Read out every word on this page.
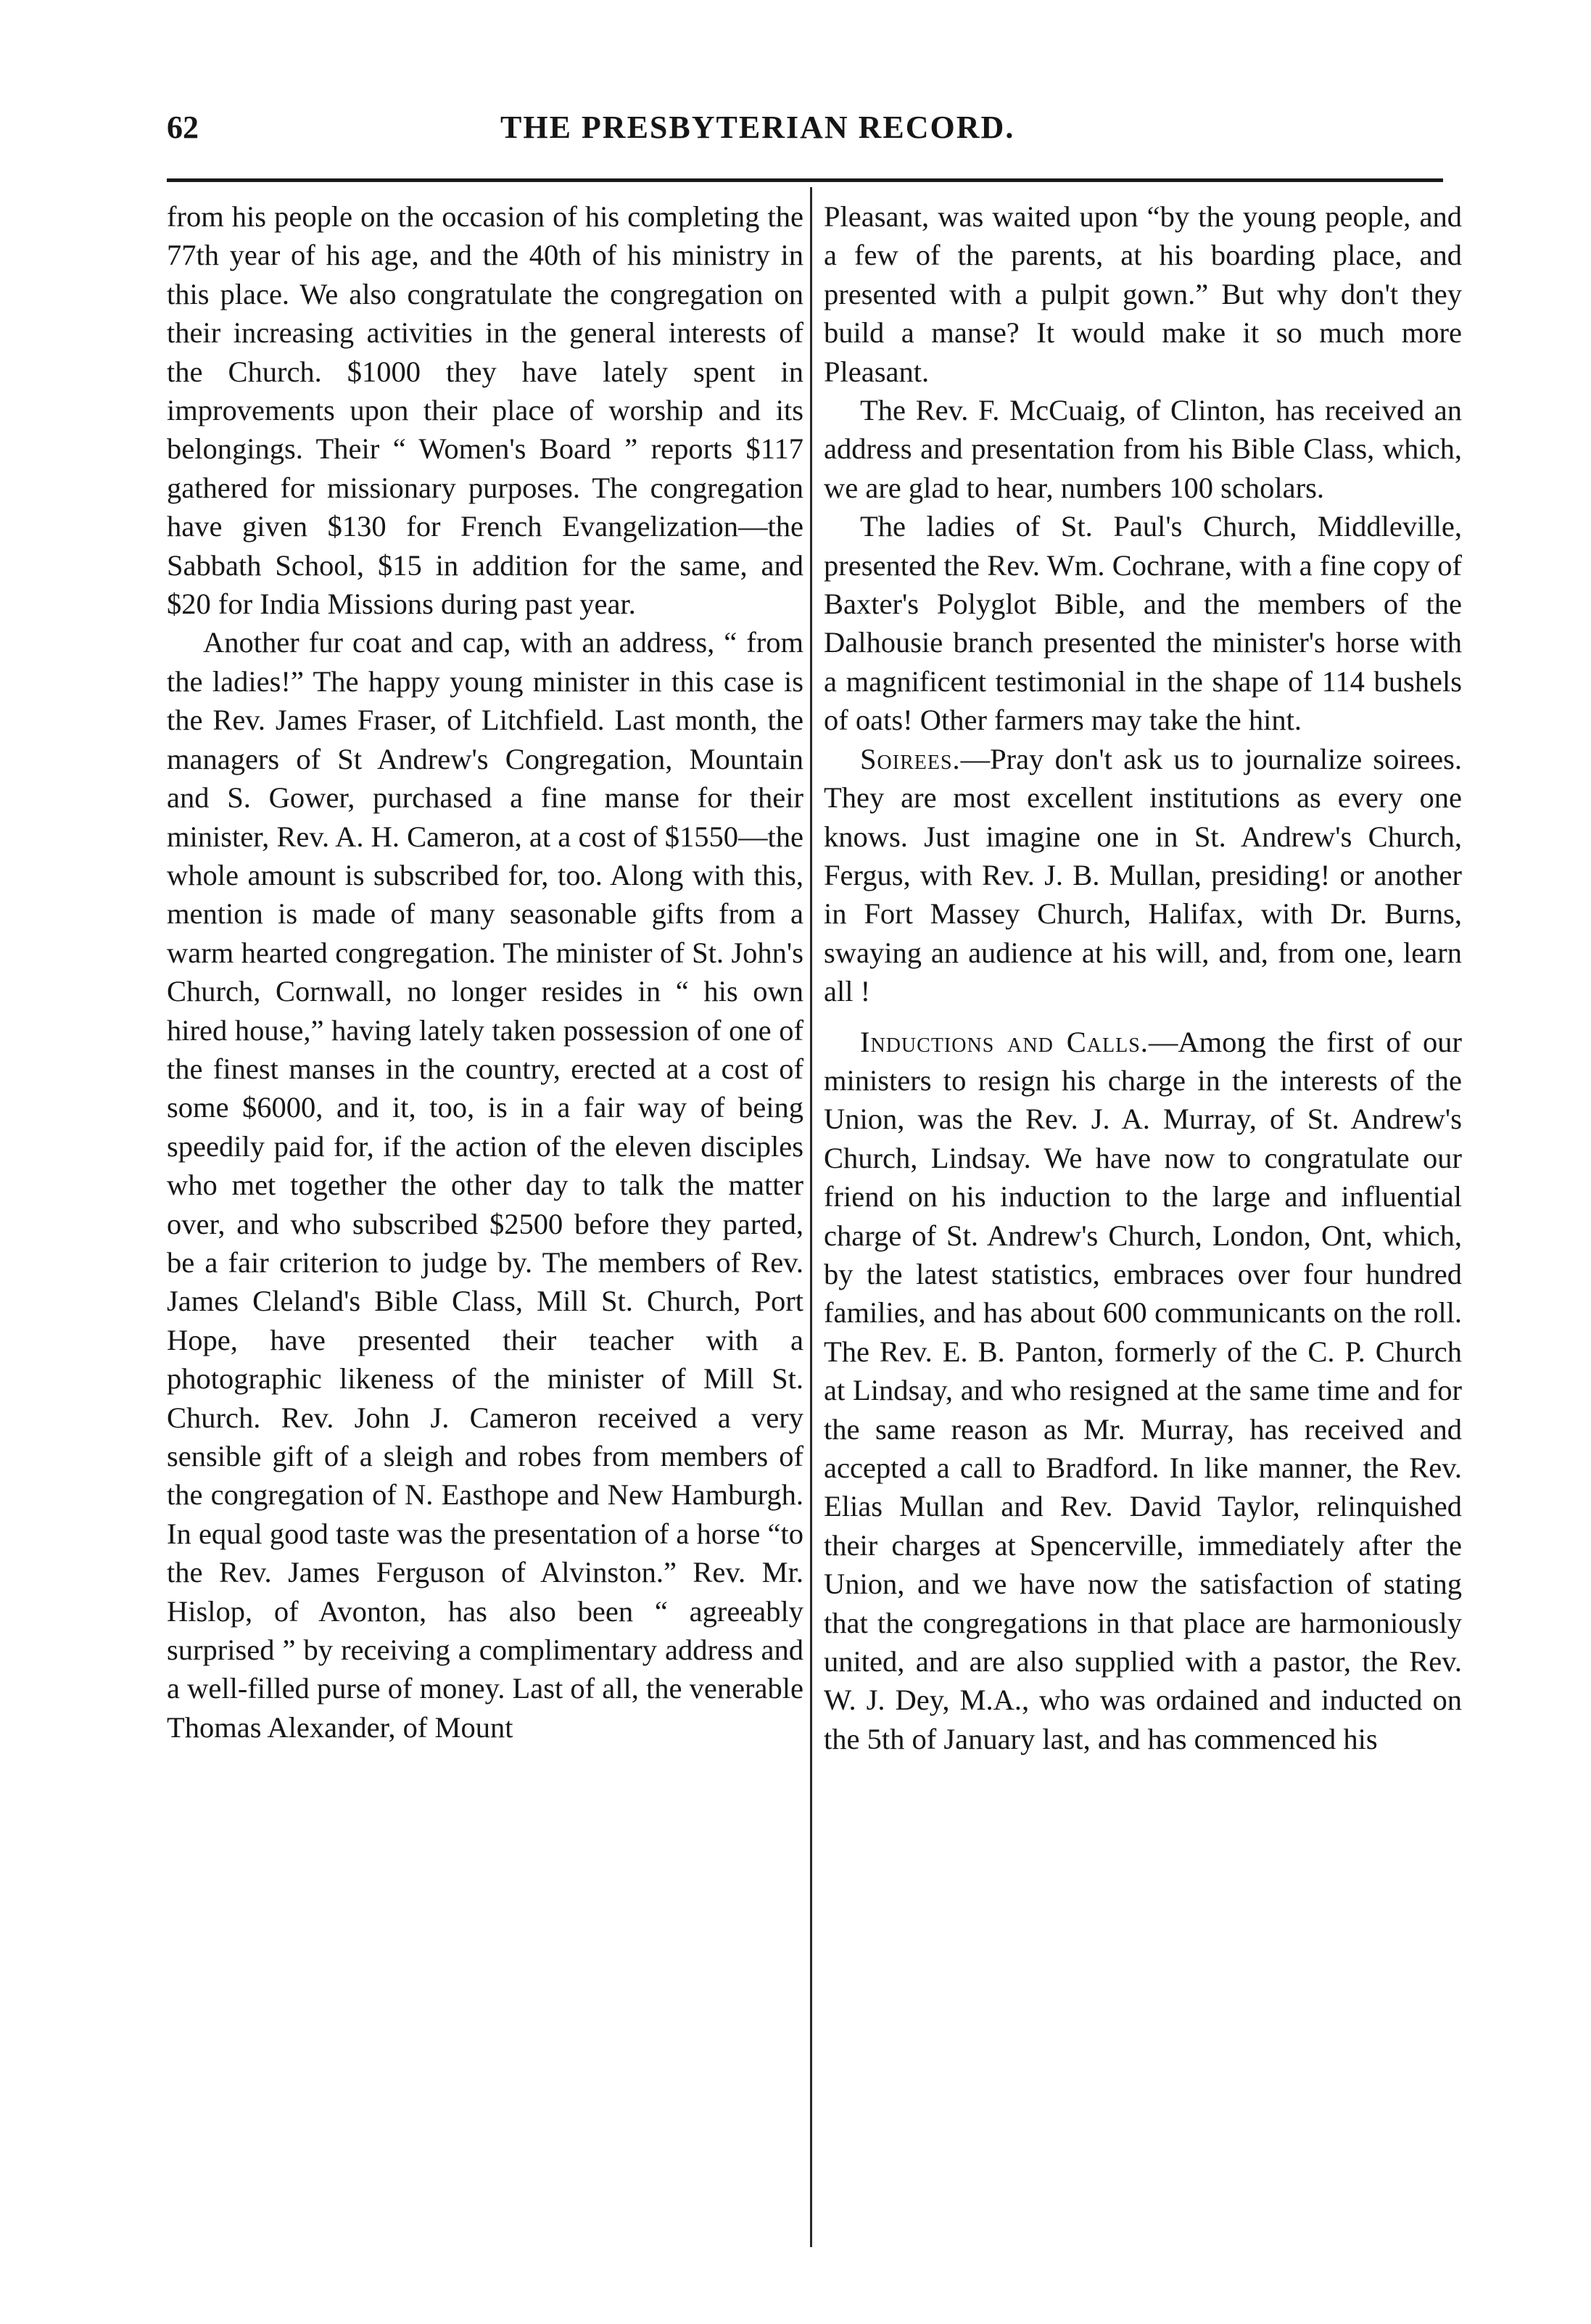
62	THE PRESBYTERIAN RECORD.

from his people on the occasion of his completing the 77th year of his age, and the 40th of his ministry in this place. We also congratulate the congregation on their increasing activities in the general interests of the Church. $1000 they have lately spent in improvements upon their place of worship and its belongings. Their “ Women's Board ” reports $117 gathered for missionary purposes. The congregation have given $130 for French Evangelization—the Sabbath School, $15 in addition for the same, and $20 for India Missions during past year.

Another fur coat and cap, with an address, “ from the ladies!” The happy young minister in this case is the Rev. James Fraser, of Litchfield. Last month, the managers of St Andrew's Congregation, Mountain and S. Gower, purchased a fine manse for their minister, Rev. A. H. Cameron, at a cost of $1550—the whole amount is subscribed for, too. Along with this, mention is made of many seasonable gifts from a warm hearted congregation. The minister of St. John's Church, Cornwall, no longer resides in “ his own hired house,” having lately taken possession of one of the finest manses in the country, erected at a cost of some $6000, and it, too, is in a fair way of being speedily paid for, if the action of the eleven disciples who met together the other day to talk the matter over, and who subscribed $2500 before they parted, be a fair criterion to judge by. The members of Rev. James Cleland's Bible Class, Mill St. Church, Port Hope, have presented their teacher with a photographic likeness of the minister of Mill St. Church. Rev. John J. Cameron received a very sensible gift of a sleigh and robes from members of the congregation of N. Easthope and New Hamburgh. In equal good taste was the presentation of a horse “to the Rev. James Ferguson of Alvinston.” Rev. Mr. Hislop, of Avonton, has also been “ agreeably surprised ” by receiving a complimentary address and a well-filled purse of money. Last of all, the venerable Thomas Alexander, of Mount

Pleasant, was waited upon “by the young people, and a few of the parents, at his boarding place, and presented with a pulpit gown.” But why don't they build a manse? It would make it so much more Pleasant.

The Rev. F. McCuaig, of Clinton, has received an address and presentation from his Bible Class, which, we are glad to hear, numbers 100 scholars.

The ladies of St. Paul's Church, Middleville, presented the Rev. Wm. Cochrane, with a fine copy of Baxter's Polyglot Bible, and the members of the Dalhousie branch presented the minister's horse with a magnificent testimonial in the shape of 114 bushels of oats! Other farmers may take the hint.

Soirees.—Pray don't ask us to journalize soirees. They are most excellent institutions as every one knows. Just imagine one in St. Andrew's Church, Fergus, with Rev. J. B. Mullan, presiding! or another in Fort Massey Church, Halifax, with Dr. Burns, swaying an audience at his will, and, from one, learn all !

Inductions and Calls.—Among the first of our ministers to resign his charge in the interests of the Union, was the Rev. J. A. Murray, of St. Andrew's Church, Lindsay. We have now to congratulate our friend on his induction to the large and influential charge of St. Andrew's Church, London, Ont, which, by the latest statistics, embraces over four hundred families, and has about 600 communicants on the roll. The Rev. E. B. Panton, formerly of the C. P. Church at Lindsay, and who resigned at the same time and for the same reason as Mr. Murray, has received and accepted a call to Bradford. In like manner, the Rev. Elias Mullan and Rev. David Taylor, relinquished their charges at Spencerville, immediately after the Union, and we have now the satisfaction of stating that the congregations in that place are harmoniously united, and are also supplied with a pastor, the Rev. W. J. Dey, M.A., who was ordained and inducted on the 5th of January last, and has commenced his
